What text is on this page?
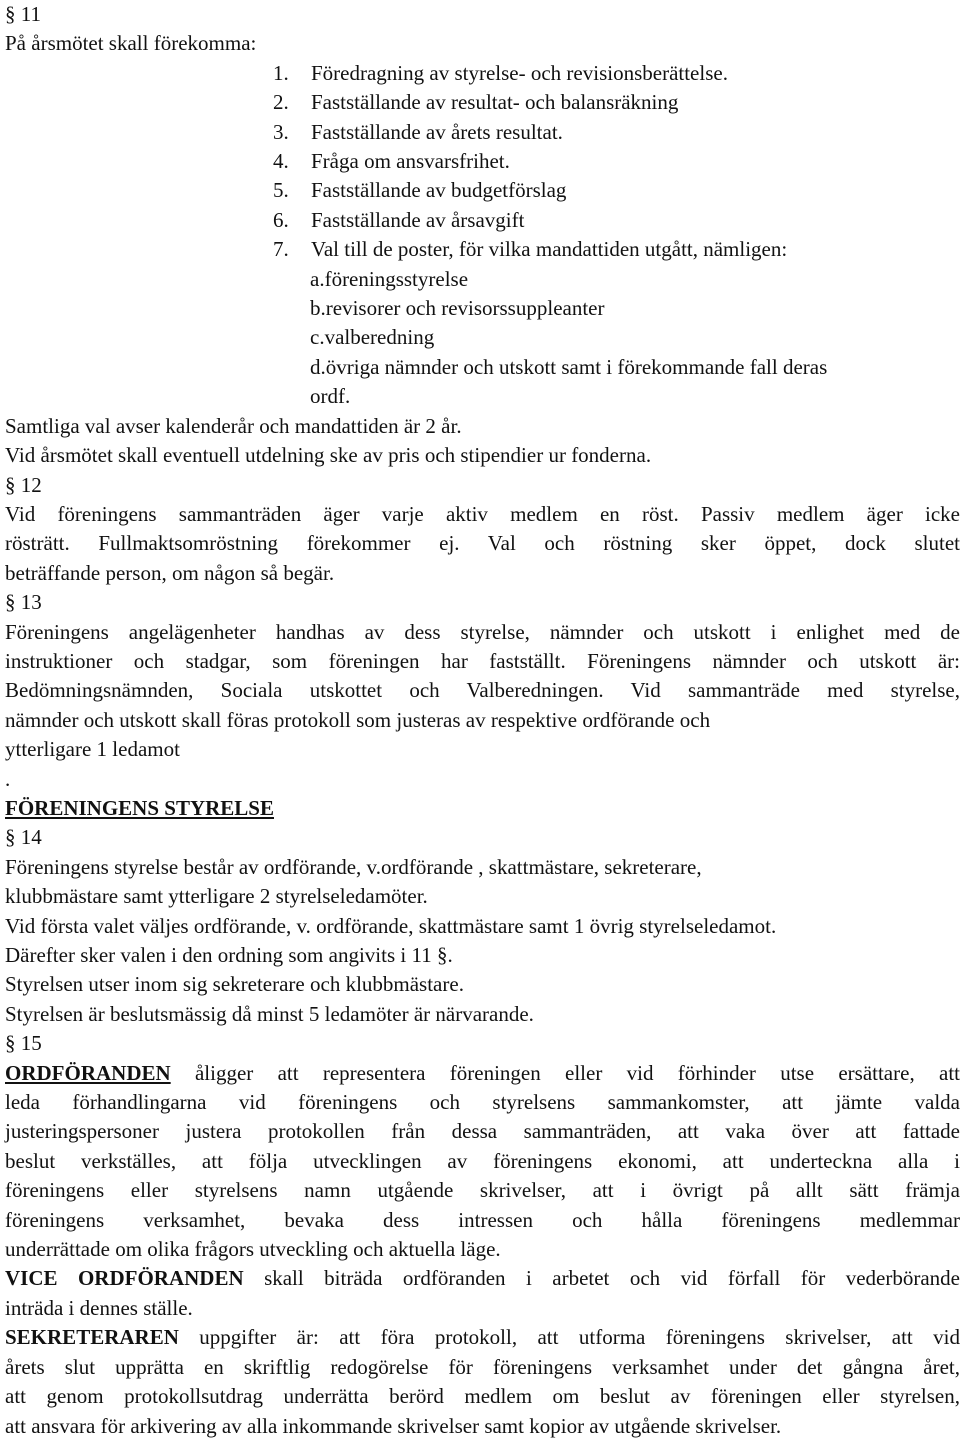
§ 11
På årsmötet skall förekomma:
1. Föredragning av styrelse- och revisionsberättelse.
2. Fastställande av resultat- och balansräkning
3. Fastställande av årets resultat.
4. Fråga om ansvarsfrihet.
5. Fastställande av budgetförslag
6. Fastställande av årsavgift
7. Val till de poster, för vilka mandattiden utgått, nämligen:
a.föreningsstyrelse
b.revisorer och revisorssuppleanter
c.valberedning
d.övriga nämnder och utskott samt i förekommande fall deras
ordf.
Samtliga val avser kalenderår och mandattiden är 2 år.
Vid årsmötet skall eventuell utdelning ske av pris och stipendier ur fonderna.
§ 12
Vid föreningens sammanträden äger varje aktiv medlem en röst. Passiv medlem äger icke
rösträtt. Fullmaktsomröstning förekommer ej. Val och röstning sker öppet, dock slutet
beträffande person, om någon så begär.
§ 13
Föreningens angelägenheter handhas av dess styrelse, nämnder och utskott i enlighet med de
instruktioner och stadgar, som föreningen har fastställt. Föreningens nämnder och utskott är:
Bedömningsnämnden, Sociala utskottet och Valberedningen. Vid sammanträde med styrelse,
nämnder och utskott skall föras protokoll som justeras av respektive ordförande och
ytterligare 1 ledamot
.
FÖRENINGENS STYRELSE
§ 14
Föreningens styrelse består av ordförande, v.ordförande , skattmästare, sekreterare,
klubbmästare samt ytterligare 2 styrelseledamöter.
Vid första valet väljes ordförande, v. ordförande, skattmästare samt 1 övrig styrelseledamot.
Därefter sker valen i den ordning som angivits i 11 §.
Styrelsen utser inom sig sekreterare och klubbmästare.
Styrelsen är beslutsmässig då minst 5 ledamöter är närvarande.
§ 15
ORDFÖRANDEN åligger att representera föreningen eller vid förhinder utse ersättare, att
leda förhandlingarna vid föreningens och styrelsens sammankomster, att jämte valda
justeringspersoner justera protokollen från dessa sammanträden, att vaka över att fattade
beslut verkställes, att följa utvecklingen av föreningens ekonomi, att underteckna alla i
föreningens eller styrelsens namn utgående skrivelser, att i övrigt på allt sätt främja
föreningens verksamhet, bevaka dess intressen och hålla föreningens medlemmar
underrättade om olika frågors utveckling och aktuella läge.
VICE ORDFÖRANDEN skall biträda ordföranden i arbetet och vid förfall för vederbörande
inträda i dennes ställe.
SEKRETERAREN uppgifter är: att föra protokoll, att utforma föreningens skrivelser, att vid
årets slut upprätta en skriftlig redogörelse för föreningens verksamhet under det gångna året,
att genom protokollsutdrag underrätta berörd medlem om beslut av föreningen eller styrelsen,
att ansvara för arkivering av alla inkommande skrivelser samt kopior av utgående skrivelser.
